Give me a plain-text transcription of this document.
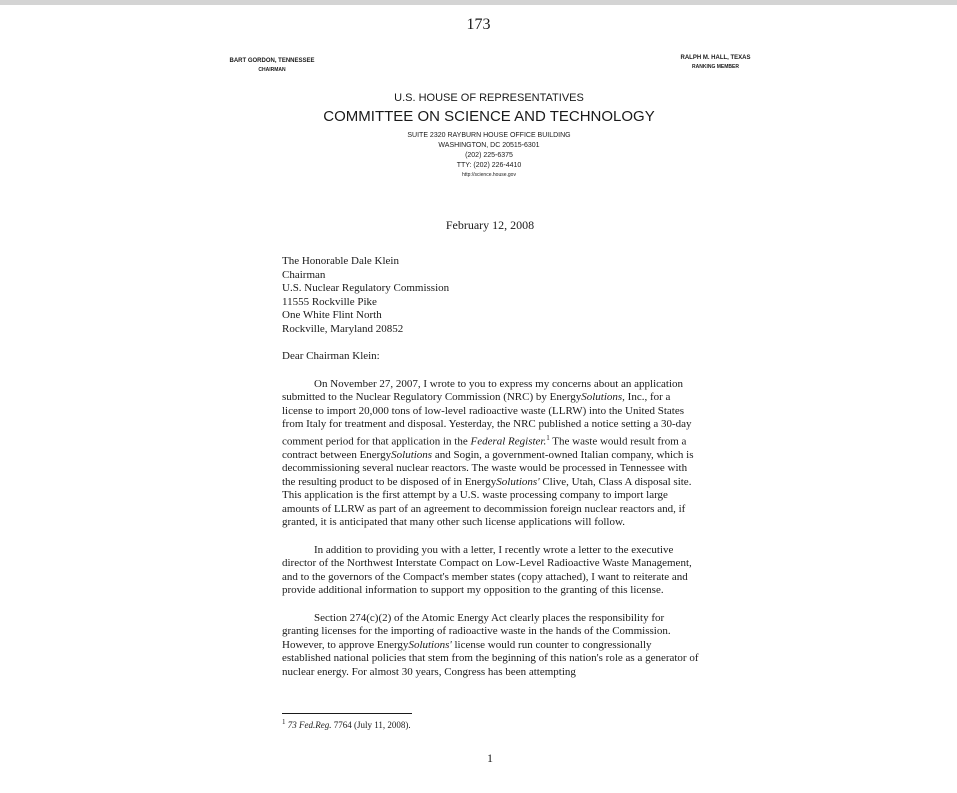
173
BART GORDON, TENNESSEE
CHAIRMAN
RALPH M. HALL, TEXAS
RANKING MEMBER
U.S. HOUSE OF REPRESENTATIVES
COMMITTEE ON SCIENCE AND TECHNOLOGY
SUITE 2320 RAYBURN HOUSE OFFICE BUILDING
WASHINGTON, DC 20515-6301
(202) 225-6375
TTY: (202) 226-4410
http://science.house.gov
February 12, 2008
The Honorable Dale Klein
Chairman
U.S. Nuclear Regulatory Commission
11555 Rockville Pike
One White Flint North
Rockville, Maryland 20852
Dear Chairman Klein:
On November 27, 2007, I wrote to you to express my concerns about an application submitted to the Nuclear Regulatory Commission (NRC) by EnergySolutions, Inc., for a license to import 20,000 tons of low-level radioactive waste (LLRW) into the United States from Italy for treatment and disposal. Yesterday, the NRC published a notice setting a 30-day comment period for that application in the Federal Register.$^1$ The waste would result from a contract between EnergySolutions and Sogin, a government-owned Italian company, which is decommissioning several nuclear reactors. The waste would be processed in Tennessee with the resulting product to be disposed of in EnergySolutions' Clive, Utah, Class A disposal site. This application is the first attempt by a U.S. waste processing company to import large amounts of LLRW as part of an agreement to decommission foreign nuclear reactors and, if granted, it is anticipated that many other such license applications will follow.
In addition to providing you with a letter, I recently wrote a letter to the executive director of the Northwest Interstate Compact on Low-Level Radioactive Waste Management, and to the governors of the Compact's member states (copy attached), I want to reiterate and provide additional information to support my opposition to the granting of this license.
Section 274(c)(2) of the Atomic Energy Act clearly places the responsibility for granting licenses for the importing of radioactive waste in the hands of the Commission. However, to approve EnergySolutions' license would run counter to congressionally established national policies that stem from the beginning of this nation's role as a generator of nuclear energy. For almost 30 years, Congress has been attempting
$^1$ 73 Fed.Reg. 7764 (July 11, 2008).
1
